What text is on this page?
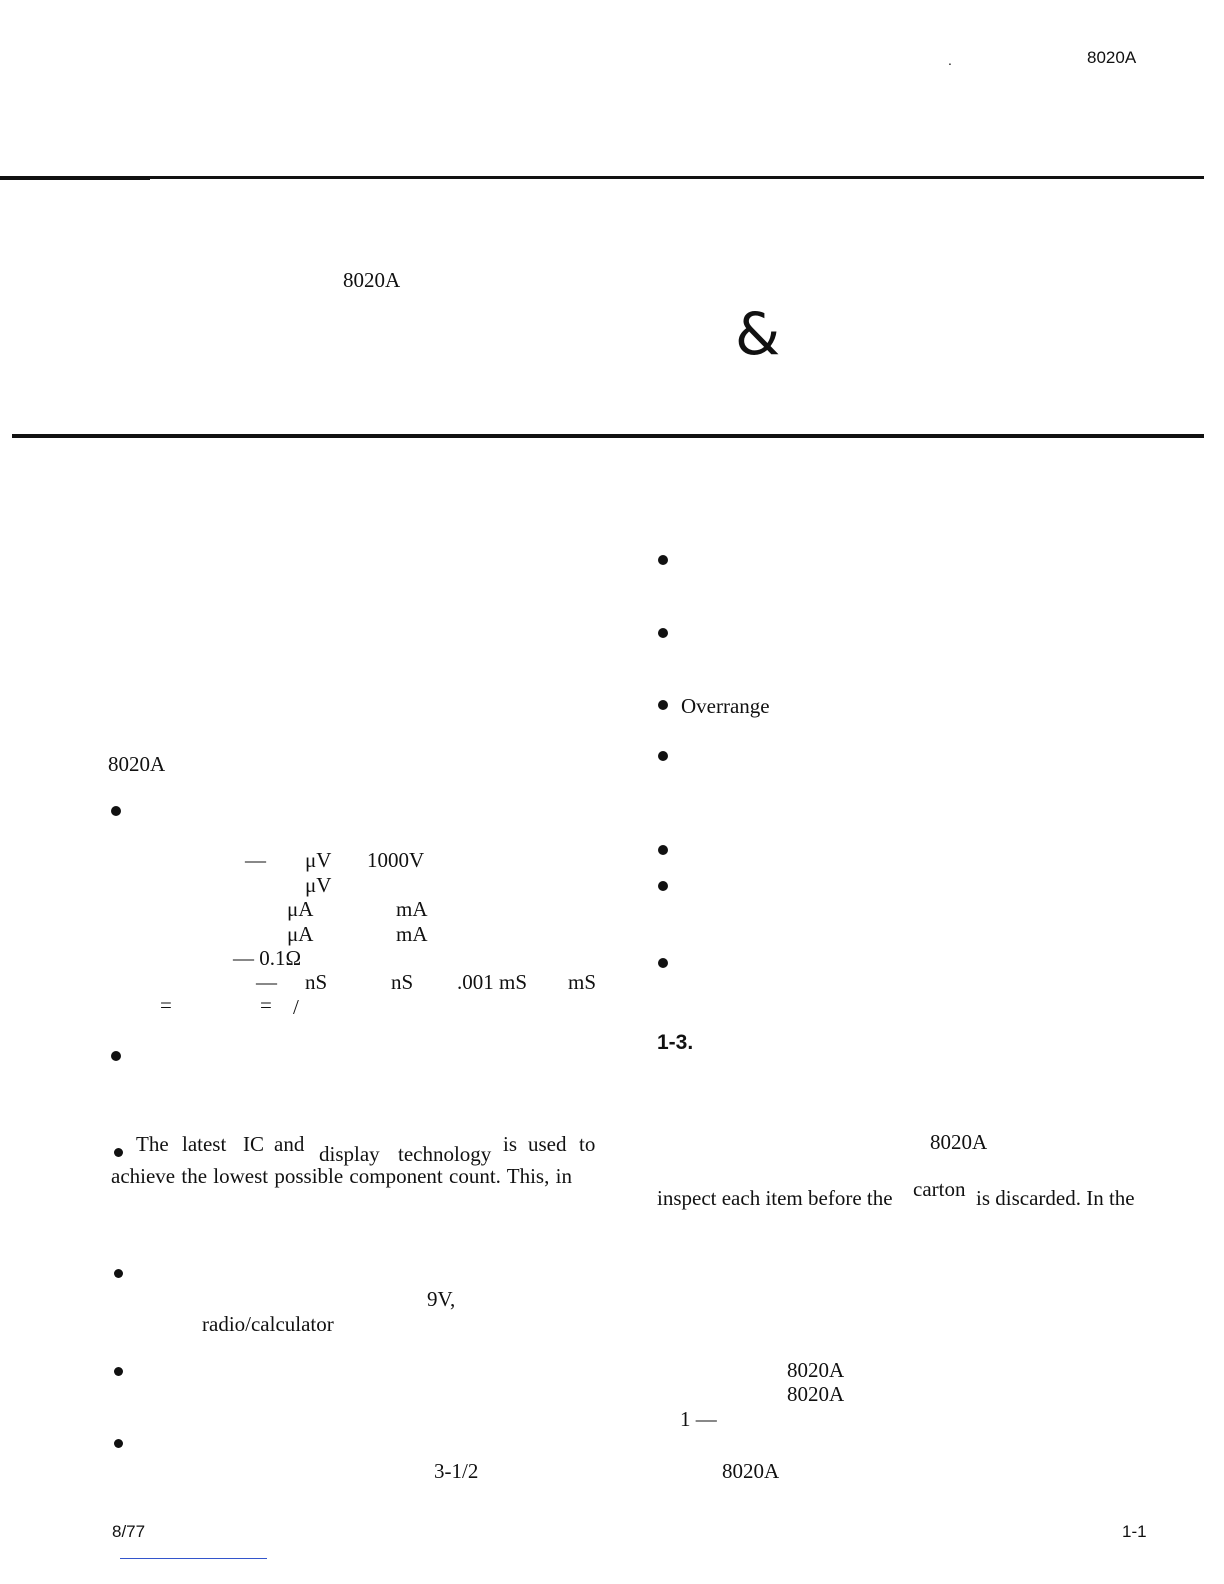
8020A
.
&
8020A
8020A
— μV 1000V
μV
μA	mA
μA	mA
— 0.1Ω
— nS	nS .001 mS mS
=	= /
The latest IC and display technology is used to
achieve the lowest possible component count. This, in
9V,
radio/calculator
3-1/2
Overrange
1-3.
8020A
inspect each item before the carton is discarded. In the
8020A
8020A
1 —
8020A
8/77	1-1
